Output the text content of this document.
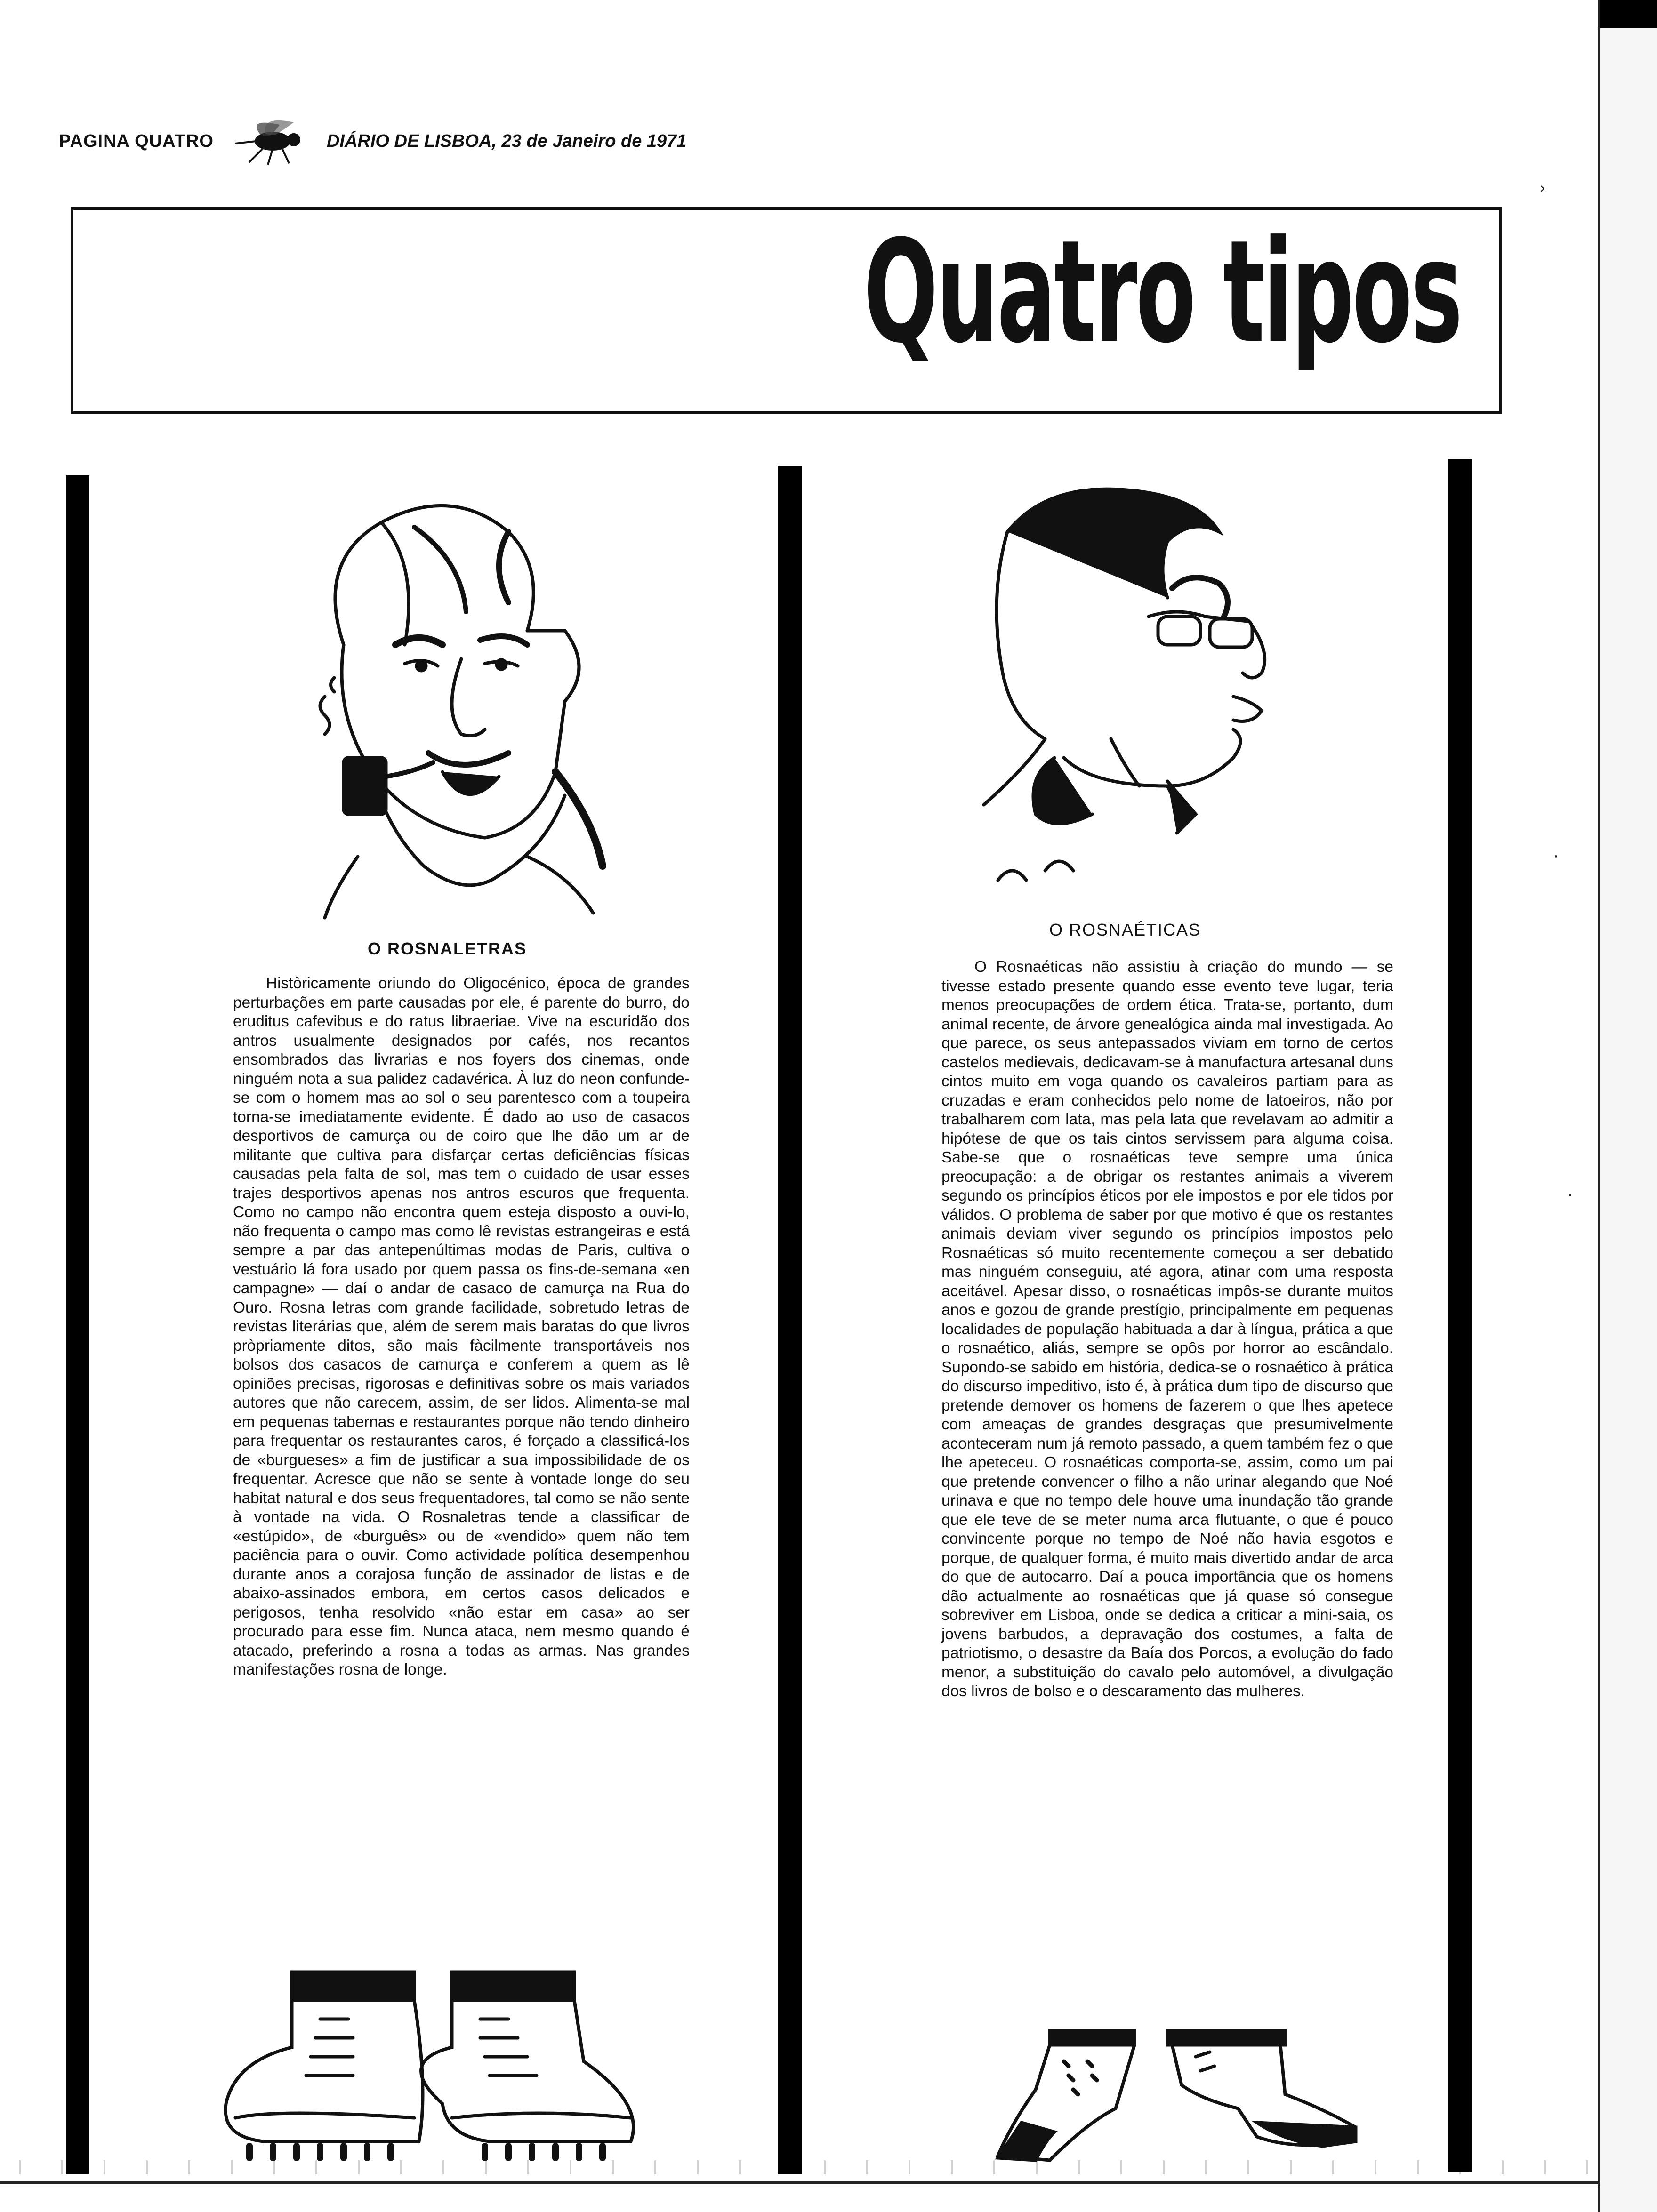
›
·
·
PAGINA QUATRO	DIÁRIO DE LISBOA, 23 de Janeiro de 1971
Quatro tipos
O ROSNALETRAS

Històricamente oriundo do Oligocénico, época de grandes perturbações em parte causadas por ele, é parente do burro, do eruditus cafevibus e do ratus libraeriae. Vive na escuridão dos antros usualmente designados por cafés, nos recantos ensombrados das livrarias e nos foyers dos cinemas, onde ninguém nota a sua palidez cadavérica. À luz do neon confunde-se com o homem mas ao sol o seu parentesco com a toupeira torna-se imediatamente evidente. É dado ao uso de casacos desportivos de camurça ou de coiro que lhe dão um ar de militante que cultiva para disfarçar certas deficiências físicas causadas pela falta de sol, mas tem o cuidado de usar esses trajes desportivos apenas nos antros escuros que frequenta. Como no campo não encontra quem esteja disposto a ouvi-lo, não frequenta o campo mas como lê revistas estrangeiras e está sempre a par das antepenúltimas modas de Paris, cultiva o vestuário lá fora usado por quem passa os fins-de-semana «en campagne» — daí o andar de casaco de camurça na Rua do Ouro. Rosna letras com grande facilidade, sobretudo letras de revistas literárias que, além de serem mais baratas do que livros pròpriamente ditos, são mais fàcilmente transportáveis nos bolsos dos casacos de camurça e conferem a quem as lê opiniões precisas, rigorosas e definitivas sobre os mais variados autores que não carecem, assim, de ser lidos. Alimenta-se mal em pequenas tabernas e restaurantes porque não tendo dinheiro para frequentar os restaurantes caros, é forçado a classificá-los de «burgueses» a fim de justificar a sua impossibilidade de os frequentar. Acresce que não se sente à vontade longe do seu habitat natural e dos seus frequentadores, tal como se não sente à vontade na vida. O Rosnaletras tende a classificar de «estúpido», de «burguês» ou de «vendido» quem não tem paciência para o ouvir. Como actividade política desempenhou durante anos a corajosa função de assinador de listas e de abaixo-assinados embora, em certos casos delicados e perigosos, tenha resolvido «não estar em casa» ao ser procurado para esse fim. Nunca ataca, nem mesmo quando é atacado, preferindo a rosna a todas as armas. Nas grandes manifestações rosna de longe.

O ROSNAÉTICAS

O Rosnaéticas não assistiu à criação do mundo — se tivesse estado presente quando esse evento teve lugar, teria menos preocupações de ordem ética. Trata-se, portanto, dum animal recente, de árvore genealógica ainda mal investigada. Ao que parece, os seus antepassados viviam em torno de certos castelos medievais, dedicavam-se à manufactura artesanal duns cintos muito em voga quando os cavaleiros partiam para as cruzadas e eram conhecidos pelo nome de latoeiros, não por trabalharem com lata, mas pela lata que revelavam ao admitir a hipótese de que os tais cintos servissem para alguma coisa. Sabe-se que o rosnaéticas teve sempre uma única preocupação: a de obrigar os restantes animais a viverem segundo os princípios éticos por ele impostos e por ele tidos por válidos. O problema de saber por que motivo é que os restantes animais deviam viver segundo os princípios impostos pelo Rosnaéticas só muito recentemente começou a ser debatido mas ninguém conseguiu, até agora, atinar com uma resposta aceitável. Apesar disso, o rosnaéticas impôs-se durante muitos anos e gozou de grande prestígio, principalmente em pequenas localidades de população habituada a dar à língua, prática a que o rosnaético, aliás, sempre se opôs por horror ao escândalo. Supondo-se sabido em história, dedica-se o rosnaético à prática do discurso impeditivo, isto é, à prática dum tipo de discurso que pretende demover os homens de fazerem o que lhes apetece com ameaças de grandes desgraças que presumivelmente aconteceram num já remoto passado, a quem também fez o que lhe apeteceu. O rosnaéticas comporta-se, assim, como um pai que pretende convencer o filho a não urinar alegando que Noé urinava e que no tempo dele houve uma inundação tão grande que ele teve de se meter numa arca flutuante, o que é pouco convincente porque no tempo de Noé não havia esgotos e porque, de qualquer forma, é muito mais divertido andar de arca do que de autocarro. Daí a pouca importância que os homens dão actualmente ao rosnaéticas que já quase só consegue sobreviver em Lisboa, onde se dedica a criticar a mini-saia, os jovens barbudos, a depravação dos costumes, a falta de patriotismo, o desastre da Baía dos Porcos, a evolução do fado menor, a substituição do cavalo pelo automóvel, a divulgação dos livros de bolso e o descaramento das mulheres.
